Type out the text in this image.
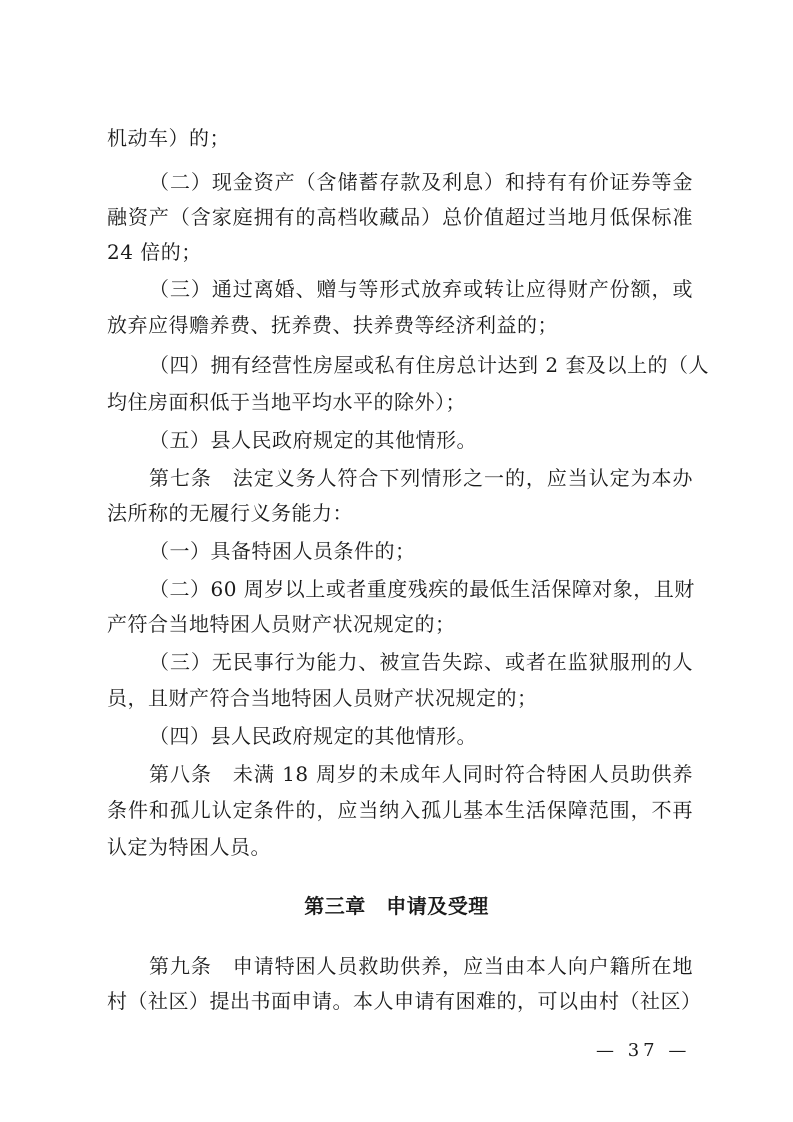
机动车）的；
（二）现金资产（含储蓄存款及利息）和持有有价证券等金
融资产（含家庭拥有的高档收藏品）总价值超过当地月低保标准
24 倍的；
（三）通过离婚、赠与等形式放弃或转让应得财产份额，或
放弃应得赡养费、抚养费、扶养费等经济利益的；
（四）拥有经营性房屋或私有住房总计达到 2 套及以上的（人
均住房面积低于当地平均水平的除外）；
（五）县人民政府规定的其他情形。
第七条　法定义务人符合下列情形之一的，应当认定为本办
法所称的无履行义务能力：
（一）具备特困人员条件的；
（二）60 周岁以上或者重度残疾的最低生活保障对象，且财
产符合当地特困人员财产状况规定的；
（三）无民事行为能力、被宣告失踪、或者在监狱服刑的人
员，且财产符合当地特困人员财产状况规定的；
（四）县人民政府规定的其他情形。
第八条　未满 18 周岁的未成年人同时符合特困人员助供养
条件和孤儿认定条件的，应当纳入孤儿基本生活保障范围，不再
认定为特困人员。
第三章　申请及受理
第九条　申请特困人员救助供养，应当由本人向户籍所在地
村（社区）提出书面申请。本人申请有困难的，可以由村（社区）
— 37 —
